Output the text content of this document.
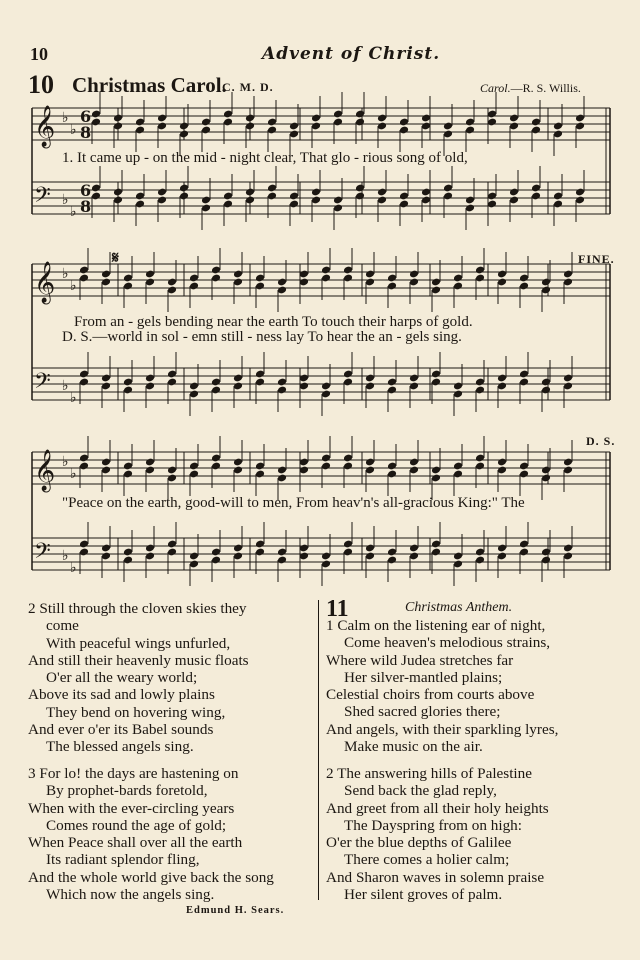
10	Advent of Christ.
10 Christmas Carol.
C. M. D.	Carol.—R. S. Willis.
𝄞
𝄢
♭
♭
♭
♭
𝄞
𝄢
♭
♭
♭
♭
𝄞
𝄢
♭
♭
♭
♭
6
8
6
8
1. It came up - on the mid - night clear, That glo - rious song of old,
From an - gels bending near the earth To touch their harps of gold.
D. S.—world in sol - emn still - ness lay To hear the an - gels sing.
"Peace on the earth, good-will to men, From heav'n's all-gracious King:" The
𝄋	FINE.
D. S.
2 Still through the cloven skies they
come
With peaceful wings unfurled,
And still their heavenly music floats
O'er all the weary world;
Above its sad and lowly plains
They bend on hovering wing,
And ever o'er its Babel sounds
The blessed angels sing.
3 For lo! the days are hastening on
By prophet-bards foretold,
When with the ever-circling years
Comes round the age of gold;
When Peace shall over all the earth
Its radiant splendor fling,
And the whole world give back the song
Which now the angels sing.
Edmund H. Sears.
11	Christmas Anthem.
1 Calm on the listening ear of night,
Come heaven's melodious strains,
Where wild Judea stretches far
Her silver-mantled plains;
Celestial choirs from courts above
Shed sacred glories there;
And angels, with their sparkling lyres,
Make music on the air.
2 The answering hills of Palestine
Send back the glad reply,
And greet from all their holy heights
The Dayspring from on high:
O'er the blue depths of Galilee
There comes a holier calm;
And Sharon waves in solemn praise
Her silent groves of palm.
